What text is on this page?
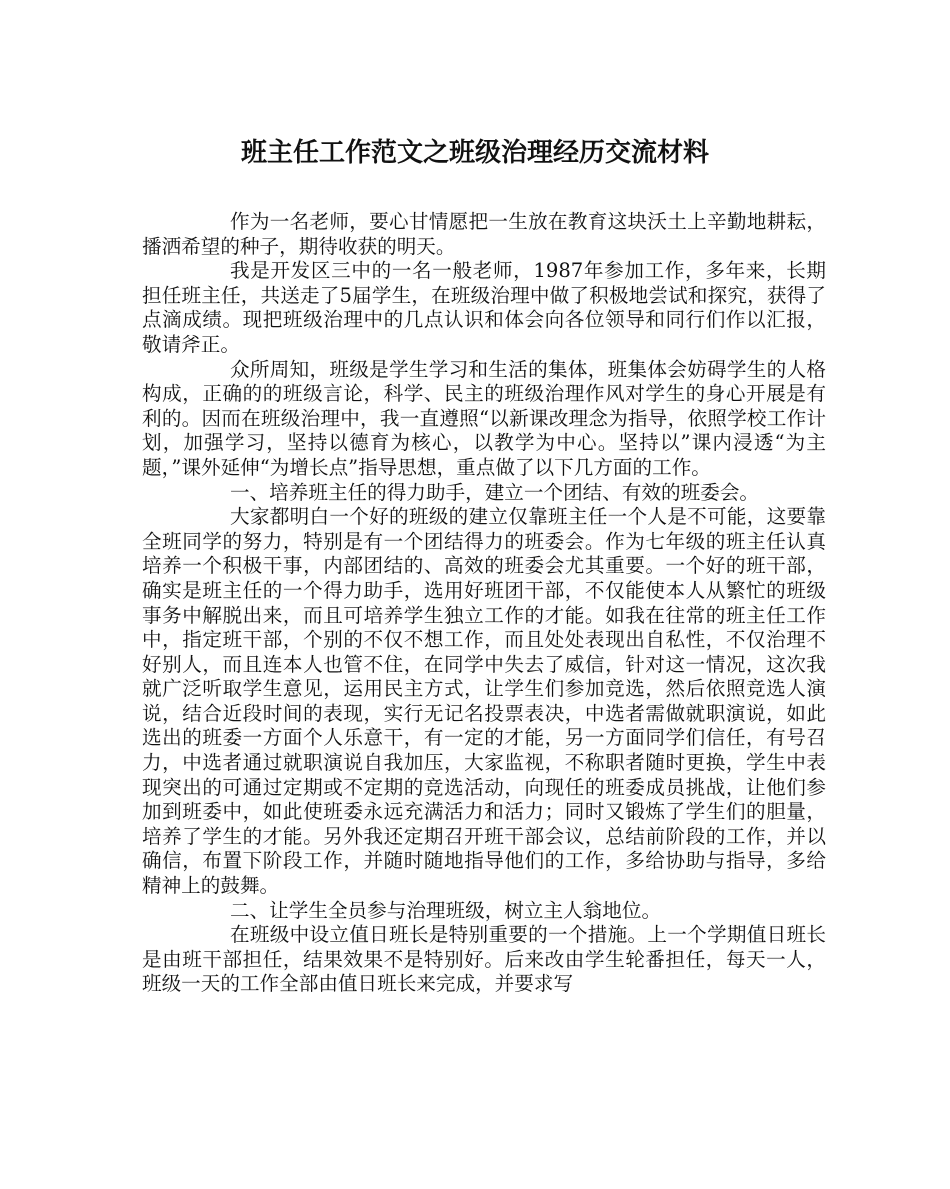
班主任工作范文之班级治理经历交流材料

作为一名老师，要心甘情愿把一生放在教育这块沃土上辛勤地耕耘，播洒希望的种子，期待收获的明天。

我是开发区三中的一名一般老师，1987年参加工作，多年来，长期担任班主任，共送走了5届学生，在班级治理中做了积极地尝试和探究，获得了点滴成绩。现把班级治理中的几点认识和体会向各位领导和同行们作以汇报，敬请斧正。

众所周知，班级是学生学习和生活的集体，班集体会妨碍学生的人格构成，正确的的班级言论，科学、民主的班级治理作风对学生的身心开展是有利的。因而在班级治理中，我一直遵照“以新课改理念为指导，依照学校工作计划，加强学习，坚持以德育为核心，以教学为中心。坚持以”课内浸透“为主题，”课外延伸“为增长点”指导思想，重点做了以下几方面的工作。

一、培养班主任的得力助手，建立一个团结、有效的班委会。

大家都明白一个好的班级的建立仅靠班主任一个人是不可能，这要靠全班同学的努力，特别是有一个团结得力的班委会。作为七年级的班主任认真培养一个积极干事，内部团结的、高效的班委会尤其重要。一个好的班干部，确实是班主任的一个得力助手，选用好班团干部，不仅能使本人从繁忙的班级事务中解脱出来，而且可培养学生独立工作的才能。如我在往常的班主任工作中，指定班干部，个别的不仅不想工作，而且处处表现出自私性，不仅治理不好别人，而且连本人也管不住，在同学中失去了威信，针对这一情况，这次我就广泛听取学生意见，运用民主方式，让学生们参加竞选，然后依照竞选人演说，结合近段时间的表现，实行无记名投票表决，中选者需做就职演说，如此选出的班委一方面个人乐意干，有一定的才能，另一方面同学们信任，有号召力，中选者通过就职演说自我加压，大家监视，不称职者随时更换，学生中表现突出的可通过定期或不定期的竞选活动，向现任的班委成员挑战，让他们参加到班委中，如此使班委永远充满活力和活力；同时又锻炼了学生们的胆量，培养了学生的才能。另外我还定期召开班干部会议，总结前阶段的工作，并以确信，布置下阶段工作，并随时随地指导他们的工作，多给协助与指导，多给精神上的鼓舞。

二、让学生全员参与治理班级，树立主人翁地位。

在班级中设立值日班长是特别重要的一个措施。上一个学期值日班长是由班干部担任，结果效果不是特别好。后来改由学生轮番担任，每天一人，班级一天的工作全部由值日班长来完成，并要求写
